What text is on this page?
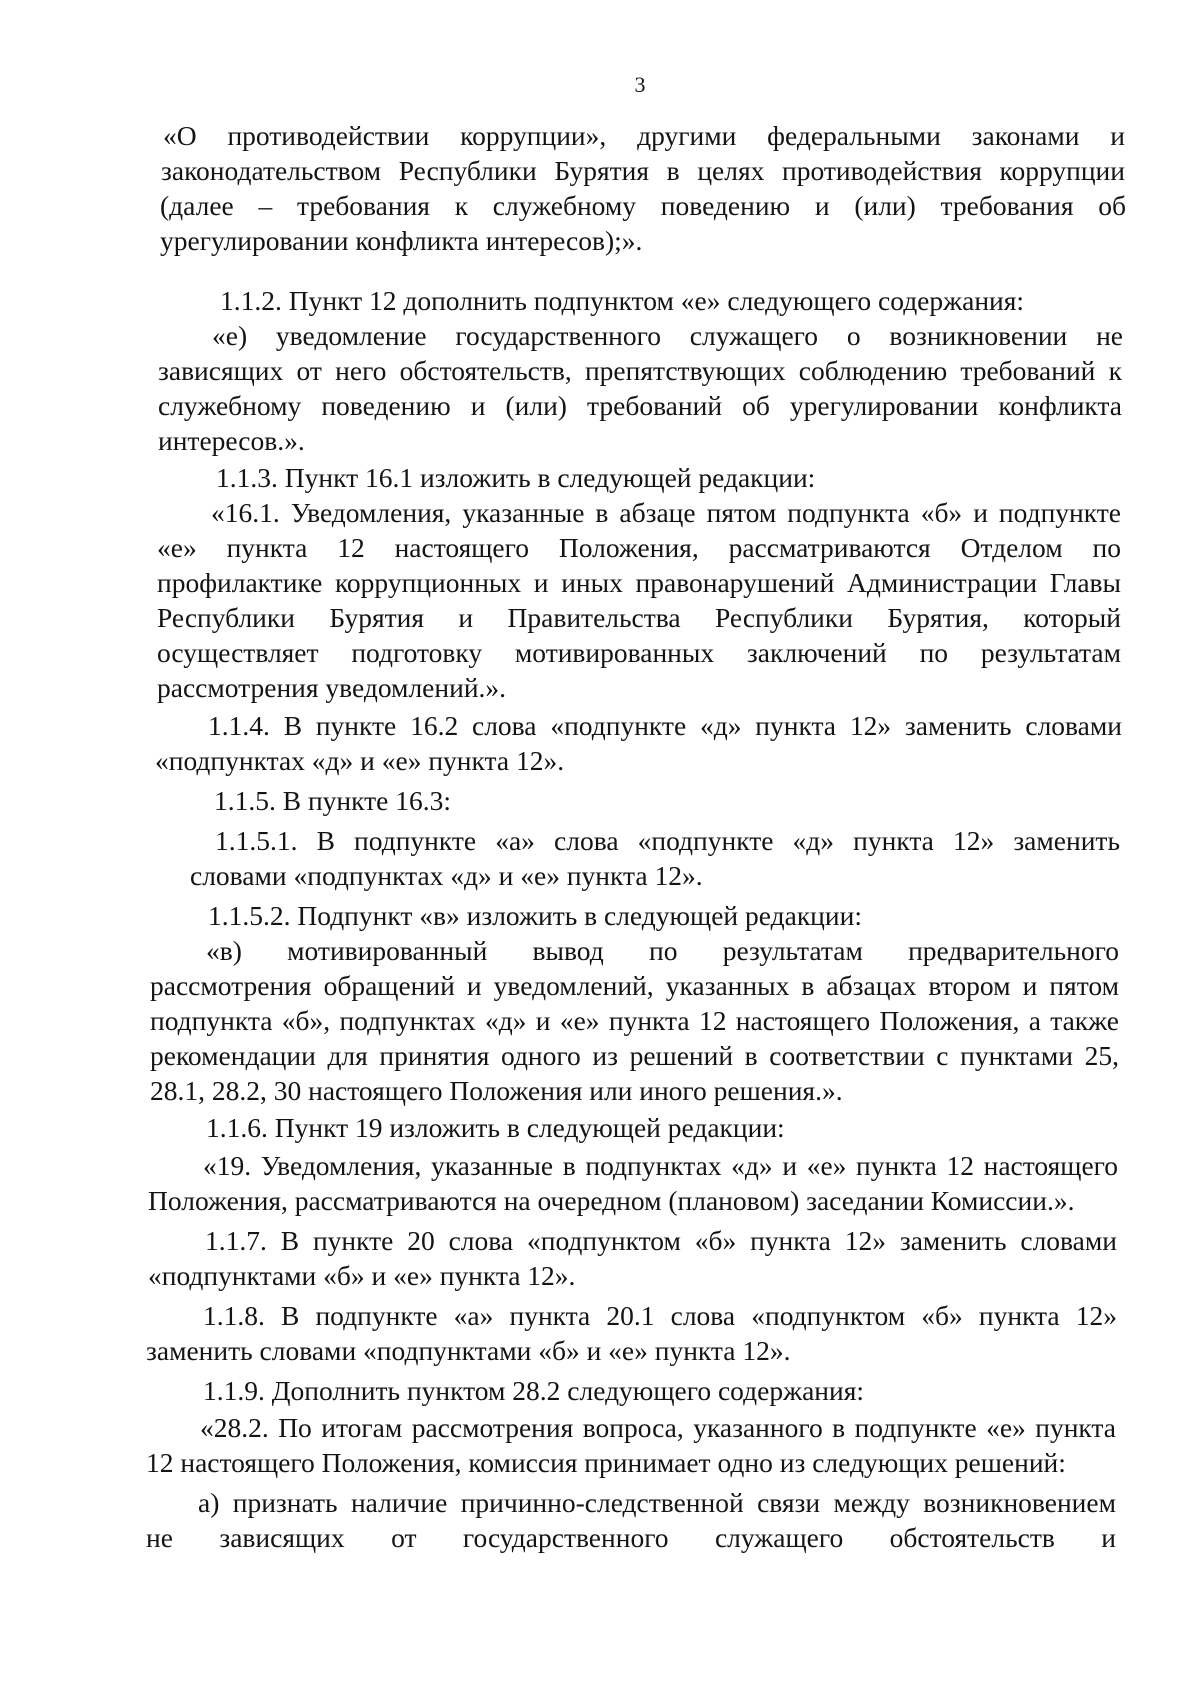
3

«О противодействии коррупции», другими федеральными законами и

законодательством Республики Бурятия в целях противодействия коррупции

(далее – требования к служебному поведению и (или) требования об

урегулировании конфликта интересов);».

1.1.2. Пункт 12 дополнить подпунктом «е» следующего содержания:

«е) уведомление государственного служащего о возникновении не

зависящих от него обстоятельств, препятствующих соблюдению требований к

служебному поведению и (или) требований об урегулировании конфликта

интересов.».

1.1.3. Пункт 16.1 изложить в следующей редакции:

«16.1. Уведомления, указанные в абзаце пятом подпункта «б» и подпункте

«е» пункта 12 настоящего Положения, рассматриваются Отделом по

профилактике коррупционных и иных правонарушений Администрации Главы

Республики Бурятия и Правительства Республики Бурятия, который

осуществляет подготовку мотивированных заключений по результатам

рассмотрения уведомлений.».

1.1.4. В пункте 16.2 слова «подпункте «д» пункта 12» заменить словами

«подпунктах «д» и «е» пункта 12».

1.1.5. В пункте 16.3:

1.1.5.1. В подпункте «а» слова «подпункте «д» пункта 12» заменить

словами «подпунктах «д» и «е» пункта 12».

1.1.5.2. Подпункт «в» изложить в следующей редакции:

«в) мотивированный вывод по результатам предварительного

рассмотрения обращений и уведомлений, указанных в абзацах втором и пятом

подпункта «б», подпунктах «д» и «е» пункта 12 настоящего Положения, а также

рекомендации для принятия одного из решений в соответствии с пунктами 25,

28.1, 28.2, 30 настоящего Положения или иного решения.».

1.1.6. Пункт 19 изложить в следующей редакции:

«19. Уведомления, указанные в подпунктах «д» и «е» пункта 12 настоящего

Положения, рассматриваются на очередном (плановом) заседании Комиссии.».

1.1.7. В пункте 20 слова «подпунктом «б» пункта 12» заменить словами

«подпунктами «б» и «е» пункта 12».

1.1.8. В подпункте «а» пункта 20.1 слова «подпунктом «б» пункта 12»

заменить словами «подпунктами «б» и «е» пункта 12».

1.1.9. Дополнить пунктом 28.2 следующего содержания:

«28.2. По итогам рассмотрения вопроса, указанного в подпункте «е» пункта

12 настоящего Положения, комиссия принимает одно из следующих решений:

а) признать наличие причинно-следственной связи между возникновением

не зависящих от государственного служащего обстоятельств и
